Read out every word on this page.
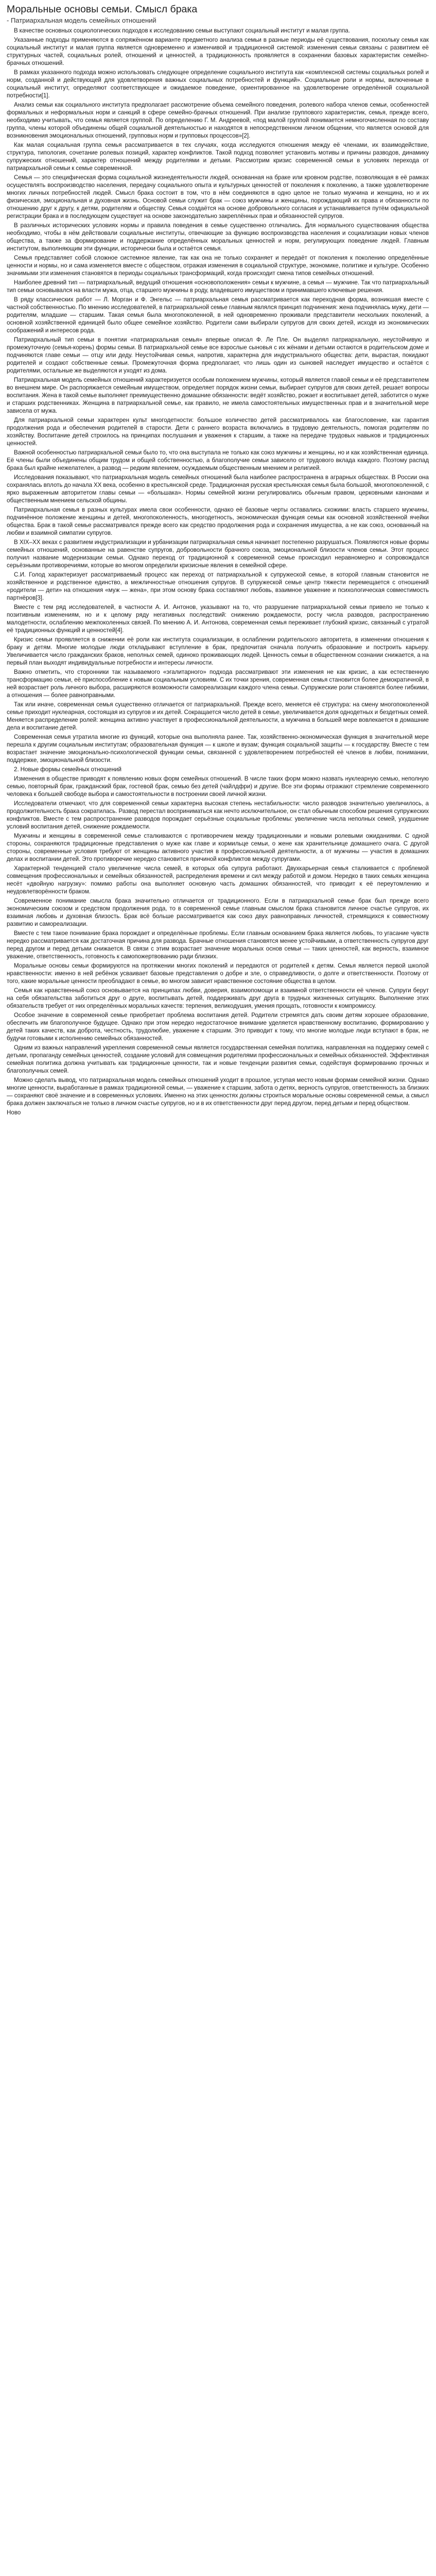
Моральные основы семьи. Смысл брака
- Патриархальная модель семейных отношений

В качестве основных социологических подходов к исследованию семьи выступают социальный институт и малая группа.

Указанные подходы применяются в сопряжённом варианте предметного анализа семьи в разные периоды её существования, поскольку семья как социальный институт и малая группа является одновременно и изменчивой и традиционной системой: изменения семьи связаны с развитием её структурных частей, социальных ролей, отношений и ценностей, а традиционность проявляется в сохранении базовых характеристик семейно-брачных отношений.

В рамках указанного подхода можно использовать следующее определение социального института как «комплексной системы социальных ролей и норм, созданной и действующей для удовлетворения важных социальных потребностей и функций». Социальные роли и нормы, включенные в социальный институт, определяют соответствующее и ожидаемое поведение, ориентированное на удовлетворение определённой социальной потребности[1].

Анализ семьи как социального института предполагает рассмотрение объема семейного поведения, ролевого набора членов семьи, особенностей формальных и неформальных норм и санкций в сфере семейно-брачных отношений. При анализе группового характеристик, семья, прежде всего, необходимо учитывать, что семья является группой. По определению Г. М. Андреевой, «под малой группой понимается немногочисленная по составу группа, члены которой объединены общей социальной деятельностью и находятся в непосредственном личном общении, что является основой для возникновения эмоциональных отношений, групповых норм и групповых процессов»[2].

Как малая социальная группа семья рассматривается в тех случаях, когда исследуются отношения между её членами, их взаимодействие, структура, типология, сочетание ролевых позиций, характер конфликтов. Такой подход позволяет установить мотивы и причины разводов, динамику супружеских отношений, характер отношений между родителями и детьми. Рассмотрим кризис современной семьи в условиях перехода от патриархальной семьи к семье современной.

Семья — это специфическая форма социальной жизнедеятельности людей, основанная на браке или кровном родстве, позволяющая в её рамках осуществлять воспроизводство населения, передачу социального опыта и культурных ценностей от поколения к поколению, а также удовлетворение многих личных потребностей людей. Смысл брака состоит в том, что в нём соединяются в одно целое не только мужчина и женщина, но и их физическая, эмоциональная и духовная жизнь. Основой семьи служит брак — союз мужчины и женщины, порождающий их права и обязанности по отношению друг к другу, к детям, родителям и обществу. Семья создаётся на основе добровольного согласия и устанавливается путём официальной регистрации брака и в последующем существует на основе законодательно закреплённых прав и обязанностей супругов.

В различных исторических условиях нормы и правила поведения в семье существенно отличались. Для нормального существования общества необходимо, чтобы в нём действовали социальные институты, отвечающие за функцию воспроизводства населения и социализации новых членов общества, а также за формирование и поддержание определённых моральных ценностей и норм, регулирующих поведение людей. Главным институтом, выполняющим эти функции, исторически была и остаётся семья.

Семья представляет собой сложное системное явление, так как она не только сохраняет и передаёт от поколения к поколению определённые ценности и нормы, но и сама изменяется вместе с обществом, отражая изменения в социальной структуре, экономике, политике и культуре. Особенно значимыми эти изменения становятся в периоды социальных трансформаций, когда происходит смена типов семейных отношений.

Наиболее древний тип — патриархальный, ведущий отношения «основоположения» семьи к мужчине, а семья — мужчине. Так что патриархальный тип семьи основывался на власти мужа, отца, старшего мужчины в роду, владевшего имуществом и принимавшего ключевые решения.

В ряду классических работ — Л. Морган и Ф. Энгельс — патриархальная семья рассматривается как переходная форма, возникшая вместе с частной собственностью. По мнению исследователей, в патриархальной семье главным являлся принцип подчинения: жена подчинялась мужу, дети — родителям, младшие — старшим. Такая семья была многопоколенной, в ней одновременно проживали представители нескольких поколений, а основной хозяйственной единицей было общее семейное хозяйство. Родители сами выбирали супругов для своих детей, исходя из экономических соображений и интересов рода.

Патриархальный тип семьи в понятии «патриархальная семья» впервые описал Ф. Ле Пле. Он выделял патриархальную, неустойчивую и промежуточную (семья-корень) формы семьи. В патриархальной семье все взрослые сыновья с их жёнами и детьми остаются в родительском доме и подчиняются главе семьи — отцу или деду. Неустойчивая семья, напротив, характерна для индустриального общества: дети, вырастая, покидают родителей и создают собственные семьи. Промежуточная форма предполагает, что лишь один из сыновей наследует имущество и остаётся с родителями, остальные же выделяются и уходят из дома.

Патриархальная модель семейных отношений характеризуется особым положением мужчины, который является главой семьи и её представителем во внешнем мире. Он распоряжается семейным имуществом, определяет порядок жизни семьи, выбирает супругов для своих детей, решает вопросы воспитания. Жена в такой семье выполняет преимущественно домашние обязанности: ведёт хозяйство, рожает и воспитывает детей, заботится о муже и старших родственниках. Женщина в патриархальной семье, как правило, не имела самостоятельных имущественных прав и в значительной мере зависела от мужа.

Для патриархальной семьи характерен культ многодетности: большое количество детей рассматривалось как благословение, как гарантия продолжения рода и обеспечения родителей в старости. Дети с раннего возраста включались в трудовую деятельность, помогая родителям по хозяйству. Воспитание детей строилось на принципах послушания и уважения к старшим, а также на передаче трудовых навыков и традиционных ценностей.

Важной особенностью патриархальной семьи было то, что она выступала не только как союз мужчины и женщины, но и как хозяйственная единица. Её члены были объединены общим трудом и общей собственностью, а благополучие семьи зависело от трудового вклада каждого. Поэтому распад брака был крайне нежелателен, а развод — редким явлением, осуждаемым общественным мнением и религией.

Исследования показывают, что патриархальная модель семейных отношений была наиболее распространена в аграрных обществах. В России она сохранялась вплоть до начала XX века, особенно в крестьянской среде. Традиционная русская крестьянская семья была большой, многопоколенной, с ярко выраженным авторитетом главы семьи — «большака». Нормы семейной жизни регулировались обычным правом, церковными канонами и общественным мнением сельской общины.

Патриархальная семья в разных культурах имела свои особенности, однако её базовые черты оставались схожими: власть старшего мужчины, подчинённое положение женщины и детей, многопоколенность, многодетность, экономическая функция семьи как основной хозяйственной ячейки общества. Брак в такой семье рассматривался прежде всего как средство продолжения рода и сохранения имущества, а не как союз, основанный на любви и взаимной симпатии супругов.

В XIX–XX веках с развитием индустриализации и урбанизации патриархальная семья начинает постепенно разрушаться. Появляются новые формы семейных отношений, основанные на равенстве супругов, добровольности брачного союза, эмоциональной близости членов семьи. Этот процесс получил название модернизации семьи. Однако переход от традиционной к современной семье происходил неравномерно и сопровождался серьёзными противоречиями, которые во многом определили кризисные явления в семейной сфере.

С.И. Голод характеризует рассматриваемый процесс как переход от патриархальной к супружеской семье, в которой главным становится не хозяйственное и родственное единство, а межличностные отношения супругов. В супружеской семье центр тяжести перемещается с отношений «родители — дети» на отношения «муж — жена», при этом основу брака составляют любовь, взаимное уважение и психологическая совместимость партнёров[3].

Вместе с тем ряд исследователей, в частности А. И. Антонов, указывают на то, что разрушение патриархальной семьи привело не только к позитивным изменениям, но и к целому ряду негативных последствий: снижению рождаемости, росту числа разводов, распространению малодетности, ослаблению межпоколенных связей. По мнению А. И. Антонова, современная семья переживает глубокий кризис, связанный с утратой её традиционных функций и ценностей[4].

Кризис семьи проявляется в снижении её роли как института социализации, в ослаблении родительского авторитета, в изменении отношения к браку и детям. Многие молодые люди откладывают вступление в брак, предпочитая сначала получить образование и построить карьеру. Увеличивается число гражданских браков, неполных семей, одиноко проживающих людей. Ценность семьи в общественном сознании снижается, а на первый план выходят индивидуальные потребности и интересы личности.

Важно отметить, что сторонники так называемого «эгалитарного» подхода рассматривают эти изменения не как кризис, а как естественную трансформацию семьи, её приспособление к новым социальным условиям. С их точки зрения, современная семья становится более демократичной, в ней возрастает роль личного выбора, расширяются возможности самореализации каждого члена семьи. Супружеские роли становятся более гибкими, а отношения — более равноправными.

Так или иначе, современная семья существенно отличается от патриархальной. Прежде всего, меняется её структура: на смену многопоколенной семье приходит нуклеарная, состоящая из супругов и их детей. Сокращается число детей в семье, увеличивается доля однодетных и бездетных семей. Меняется распределение ролей: женщина активно участвует в профессиональной деятельности, а мужчина в большей мере вовлекается в домашние дела и воспитание детей.

Современная семья утратила многие из функций, которые она выполняла ранее. Так, хозяйственно-экономическая функция в значительной мере перешла к другим социальным институтам; образовательная функция — к школе и вузам; функция социальной защиты — к государству. Вместе с тем возрастает значение эмоционально-психологической функции семьи, связанной с удовлетворением потребностей её членов в любви, понимании, поддержке, эмоциональной близости.

2. Новые формы семейных отношений

Изменения в обществе приводят к появлению новых форм семейных отношений. В числе таких форм можно назвать нуклеарную семью, неполную семью, повторный брак, гражданский брак, гостевой брак, семью без детей (чайлдфри) и другие. Все эти формы отражают стремление современного человека к большей свободе выбора и самостоятельности в построении своей личной жизни.

Исследователи отмечают, что для современной семьи характерна высокая степень нестабильности: число разводов значительно увеличилось, а продолжительность брака сократилась. Развод перестал восприниматься как нечто исключительное, он стал обычным способом решения супружеских конфликтов. Вместе с тем распространение разводов порождает серьёзные социальные проблемы: увеличение числа неполных семей, ухудшение условий воспитания детей, снижение рождаемости.

Мужчины и женщины в современной семье сталкиваются с противоречием между традиционными и новыми ролевыми ожиданиями. С одной стороны, сохраняются традиционные представления о муже как главе и кормильце семьи, о жене как хранительнице домашнего очага. С другой стороны, современные условия требуют от женщины активного участия в профессиональной деятельности, а от мужчины — участия в домашних делах и воспитании детей. Это противоречие нередко становится причиной конфликтов между супругами.

Характерной тенденцией стало увеличение числа семей, в которых оба супруга работают. Двухкарьерная семья сталкивается с проблемой совмещения профессиональных и семейных обязанностей, распределения времени и сил между работой и домом. Нередко в таких семьях женщина несёт «двойную нагрузку»: помимо работы она выполняет основную часть домашних обязанностей, что приводит к её переутомлению и неудовлетворённости браком.

Современное понимание смысла брака значительно отличается от традиционного. Если в патриархальной семье брак был прежде всего экономическим союзом и средством продолжения рода, то в современной семье главным смыслом брака становится личное счастье супругов, их взаимная любовь и духовная близость. Брак всё больше рассматривается как союз двух равноправных личностей, стремящихся к совместному развитию и самореализации.

Вместе с тем такое понимание брака порождает и определённые проблемы. Если главным основанием брака является любовь, то угасание чувств нередко рассматривается как достаточная причина для развода. Брачные отношения становятся менее устойчивыми, а ответственность супругов друг перед другом и перед детьми снижается. В связи с этим возрастает значение моральных основ семьи — таких ценностей, как верность, взаимное уважение, ответственность, готовность к самопожертвованию ради близких.

Моральные основы семьи формируются на протяжении многих поколений и передаются от родителей к детям. Семья является первой школой нравственности: именно в ней ребёнок усваивает базовые представления о добре и зле, о справедливости, о долге и ответственности. Поэтому от того, какие моральные ценности преобладают в семье, во многом зависит нравственное состояние общества в целом.

Семья как нравственный союз основывается на принципах любви, доверия, взаимопомощи и взаимной ответственности её членов. Супруги берут на себя обязательства заботиться друг о друге, воспитывать детей, поддерживать друг друга в трудных жизненных ситуациях. Выполнение этих обязательств требует от них определённых моральных качеств: терпения, великодушия, умения прощать, готовности к компромиссу.

Особое значение в современной семье приобретает проблема воспитания детей. Родители стремятся дать своим детям хорошее образование, обеспечить им благополучное будущее. Однако при этом нередко недостаточное внимание уделяется нравственному воспитанию, формированию у детей таких качеств, как доброта, честность, трудолюбие, уважение к старшим. Это приводит к тому, что многие молодые люди вступают в брак, не будучи готовыми к исполнению семейных обязанностей.

Одним из важных направлений укрепления современной семьи является государственная семейная политика, направленная на поддержку семей с детьми, пропаганду семейных ценностей, создание условий для совмещения родителями профессиональных и семейных обязанностей. Эффективная семейная политика должна учитывать как традиционные ценности, так и новые тенденции развития семьи, содействуя формированию прочных и благополучных семей.

Можно сделать вывод, что патриархальная модель семейных отношений уходит в прошлое, уступая место новым формам семейной жизни. Однако многие ценности, выработанные в рамках традиционной семьи, — уважение к старшим, забота о детях, верность супругов, ответственность за близких — сохраняют своё значение и в современных условиях. Именно на этих ценностях должны строиться моральные основы современной семьи, а смысл брака должен заключаться не только в личном счастье супругов, но и в их ответственности друг перед другом, перед детьми и перед обществом.

Ново
